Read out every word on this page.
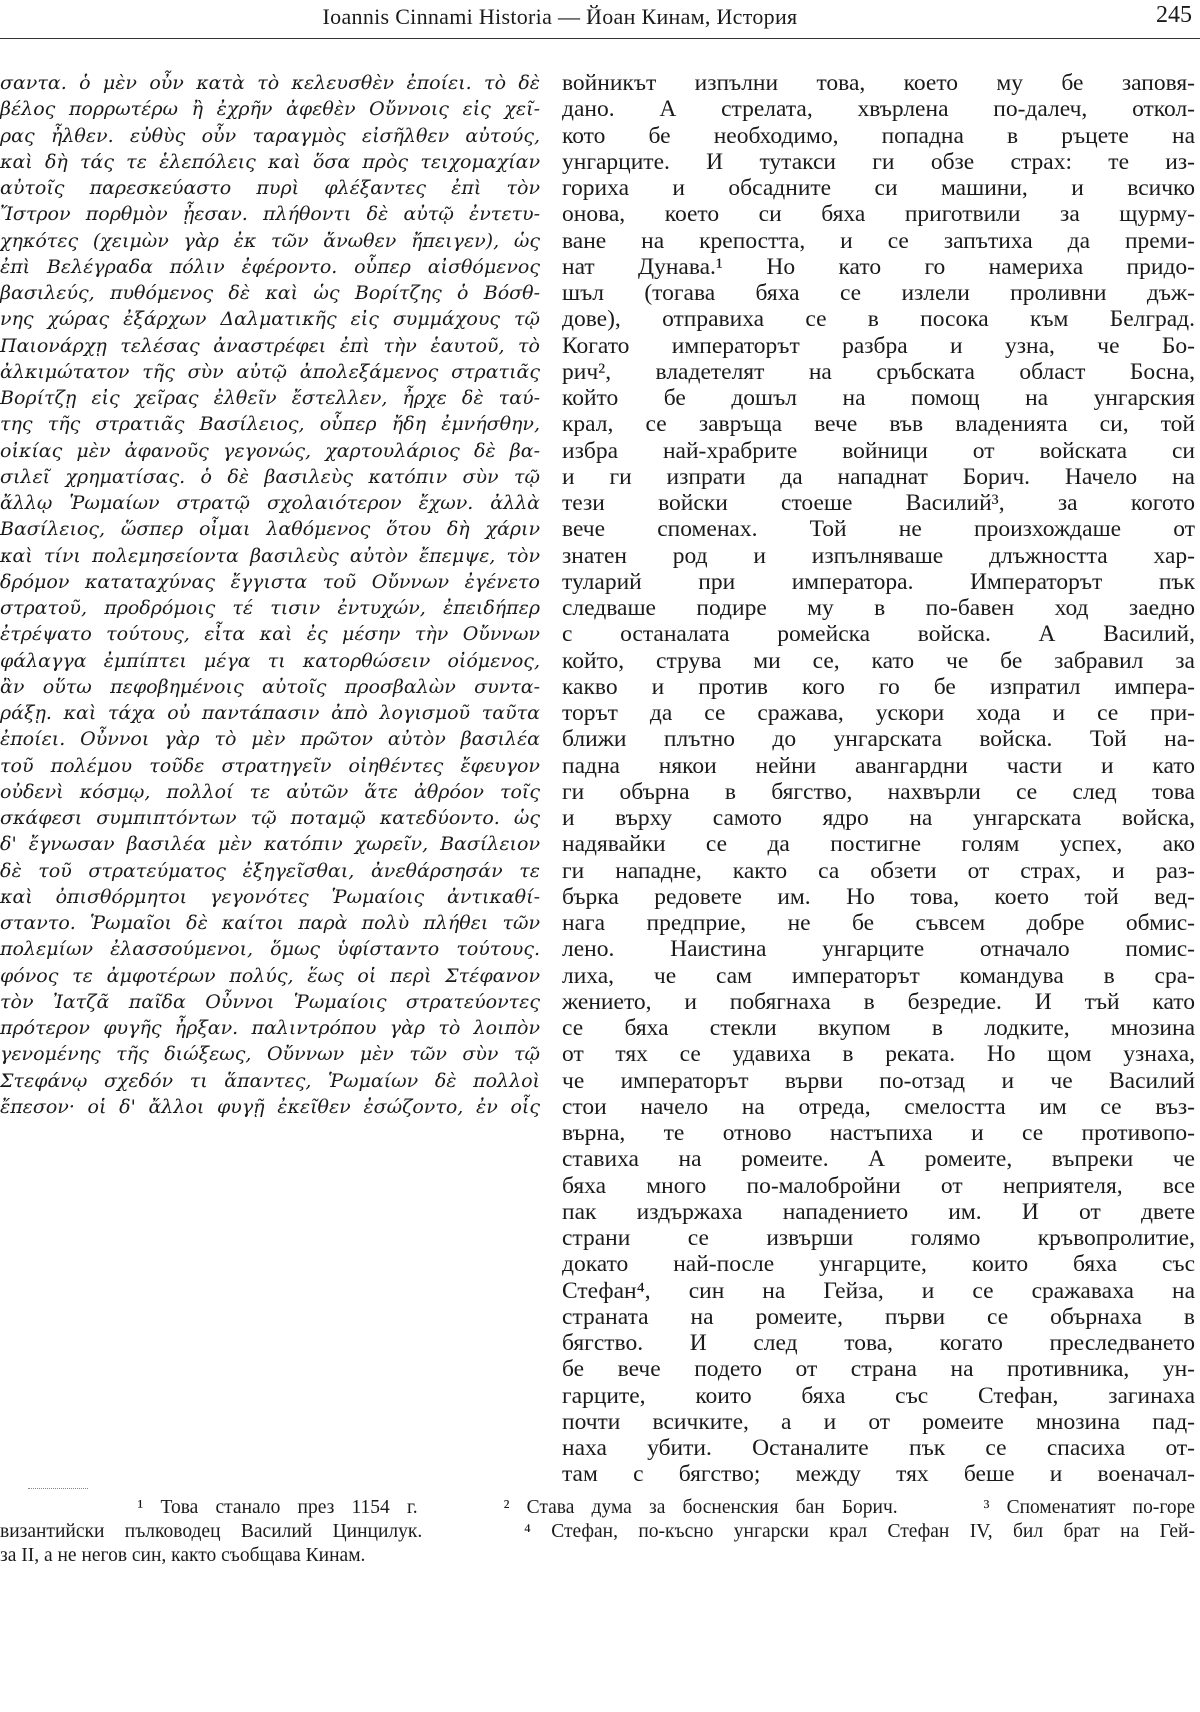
Ioannis Cinnami Historia — Йоан Кинам, История	245
σαντα. ὁ μὲν οὖν κατὰ τὸ κελευσθὲν ἐποίει. τὸ δὲ
βέλος πορρωτέρω ἢ ἐχρῆν ἀφεθὲν Οὔννοις εἰς χεῖ-
ρας ἦλθεν. εὐθὺς οὖν ταραγμὸς εἰσῆλθεν αὐτούς,
καὶ δὴ τάς τε ἑλεπόλεις καὶ ὅσα πρὸς τειχομαχίαν
αὐτοῖς παρεσκεύαστο πυρὶ φλέξαντες ἐπὶ τὸν
Ἴστρον πορθμὸν ᾖεσαν. πλήθοντι δὲ αὐτῷ ἐντετυ-
χηκότες (χειμὼν γὰρ ἐκ τῶν ἄνωθεν ἤπειγεν), ὡς
ἐπὶ Βελέγραδα πόλιν ἐφέροντο. οὗπερ αἰσθόμενος
βασιλεύς, πυθόμενος δὲ καὶ ὡς Βορίτζης ὁ Βόσθ-
νης χώρας ἐξάρχων Δαλματικῆς εἰς συμμάχους τῷ
Παιονάρχῃ τελέσας ἀναστρέφει ἐπὶ τὴν ἑαυτοῦ, τὸ
ἀλκιμώτατον τῆς σὺν αὐτῷ ἀπολεξάμενος στρατιᾶς
Βορίτζῃ εἰς χεῖρας ἐλθεῖν ἔστελλεν, ἦρχε δὲ ταύ-
της τῆς στρατιᾶς Βασίλειος, οὗπερ ἤδη ἐμνήσθην,
οἰκίας μὲν ἀφανοῦς γεγονώς, χαρτουλάριος δὲ βα-
σιλεῖ χρηματίσας. ὁ δὲ βασιλεὺς κατόπιν σὺν τῷ
ἄλλῳ Ῥωμαίων στρατῷ σχολαιότερον ἔχων. ἀλλὰ
Βασίλειος, ὥσπερ οἶμαι λαθόμενος ὅτου δὴ χάριν
καὶ τίνι πολεμησείοντα βασιλεὺς αὐτὸν ἔπεμψε, τὸν
δρόμον καταταχύνας ἔγγιστα τοῦ Οὔννων ἐγένετο
στρατοῦ, προδρόμοις τέ τισιν ἐντυχών, ἐπειδήπερ
ἐτρέψατο τούτους, εἶτα καὶ ἐς μέσην τὴν Οὔννων
φάλαγγα ἐμπίπτει μέγα τι κατορθώσειν οἰόμενος,
ἂν οὕτω πεφοβημένοις αὐτοῖς προσβαλὼν συντα-
ράξῃ. καὶ τάχα οὐ παντάπασιν ἀπὸ λογισμοῦ ταῦτα
ἐποίει. Οὖννοι γὰρ τὸ μὲν πρῶτον αὐτὸν βασιλέα
τοῦ πολέμου τοῦδε στρατηγεῖν οἰηθέντες ἔφευγον
οὐδενὶ κόσμῳ, πολλοί τε αὐτῶν ἅτε ἀθρόον τοῖς
σκάφεσι συμπιπτόντων τῷ ποταμῷ κατεδύοντο. ὡς
δ' ἔγνωσαν βασιλέα μὲν κατόπιν χωρεῖν, Βασίλειον
δὲ τοῦ στρατεύματος ἐξηγεῖσθαι, ἀνεθάρσησάν τε
καὶ ὀπισθόρμητοι γεγονότες Ῥωμαίοις ἀντικαθί-
σταντο. Ῥωμαῖοι δὲ καίτοι παρὰ πολὺ πλήθει τῶν
πολεμίων ἐλασσούμενοι, ὅμως ὑφίσταντο τούτους.
φόνος τε ἀμφοτέρων πολύς, ἕως οἱ περὶ Στέφανον
τὸν Ἰατζᾶ παῖδα Οὖννοι Ῥωμαίοις στρατεύοντες
πρότερον φυγῆς ἦρξαν. παλιντρόπου γὰρ τὸ λοιπὸν
γενομένης τῆς διώξεως, Οὔννων μὲν τῶν σὺν τῷ
Στεφάνῳ σχεδόν τι ἅπαντες, Ῥωμαίων δὲ πολλοὶ
ἔπεσον· οἱ δ' ἄλλοι φυγῇ ἐκεῖθεν ἐσώζοντο, ἐν οἷς
войникът изпълни това, което му бе заповя-
дано. А стрелата, хвърлена по-далеч, откол-
кото бе необходимо, попадна в ръцете на
унгарците. И тутакси ги обзе страх: те из-
гориха и обсадните си машини, и всичко
онова, което си бяха приготвили за щурму-
ване на крепостта, и се запътиха да преми-
нат Дунава.¹ Но като го намериха придо-
шъл (тогава бяха се излели проливни дъж-
дове), отправиха се в посока към Белград.
Когато императорът разбра и узна, че Бо-
рич², владетелят на сръбската област Босна,
който бе дошъл на помощ на унгарския
крал, се завръща вече във владенията си, той
избра най-храбрите войници от войската си
и ги изпрати да нападнат Борич. Начело на
тези войски стоеше Василий³, за когото
вече споменах. Той не произхождаше от
знатен род и изпълняваше длъжността хар-
туларий при императора. Императорът пък
следваше подире му в по-бавен ход заедно
с останалата ромейска войска. А Василий,
който, струва ми се, като че бе забравил за
какво и против кого го бе изпратил импера-
торът да се сражава, ускори хода и се при-
ближи плътно до унгарската войска. Той на-
падна някои нейни авангардни части и като
ги обърна в бягство, нахвърли се след това
и върху самото ядро на унгарската войска,
надявайки се да постигне голям успех, ако
ги нападне, както са обзети от страх, и раз-
бърка редовете им. Но това, което той вед-
нага предприе, не бе съвсем добре обмис-
лено. Наистина унгарците отначало помис-
лиха, че сам императорът командува в сра-
жението, и побягнаха в безредие. И тъй като
се бяха стекли вкупом в лодките, мнозина
от тях се удавиха в реката. Но щом узнаха,
че императорът върви по-отзад и че Василий
стои начело на отреда, смелостта им се въз-
върна, те отново настъпиха и се противопо-
ставиха на ромеите. А ромеите, въпреки че
бяха много по-малобройни от неприятеля, все
пак издържаха нападението им. И от двете
страни се извърши голямо кръвопролитие,
докато най-после унгарците, които бяха със
Стефан⁴, син на Гейза, и се сражаваха на
страната на ромеите, първи се обърнаха в
бягство. И след това, когато преследването
бе вече подето от страна на противника, ун-
гарците, които бяха със Стефан, загинаха
почти всичките, а и от ромеите мнозина пад-
наха убити. Останалите пък се спасиха от-
там с бягство; между тях беше и военачал-
¹ Това станало през 1154 г.     ² Става дума за босненския бан Борич.     ³ Споменатият по-горе
византийски пълководец Василий Цинцилук.     ⁴ Стефан, по-късно унгарски крал Стефан IV, бил брат на Гей-
за II, а не негов син, както съобщава Кинам.
